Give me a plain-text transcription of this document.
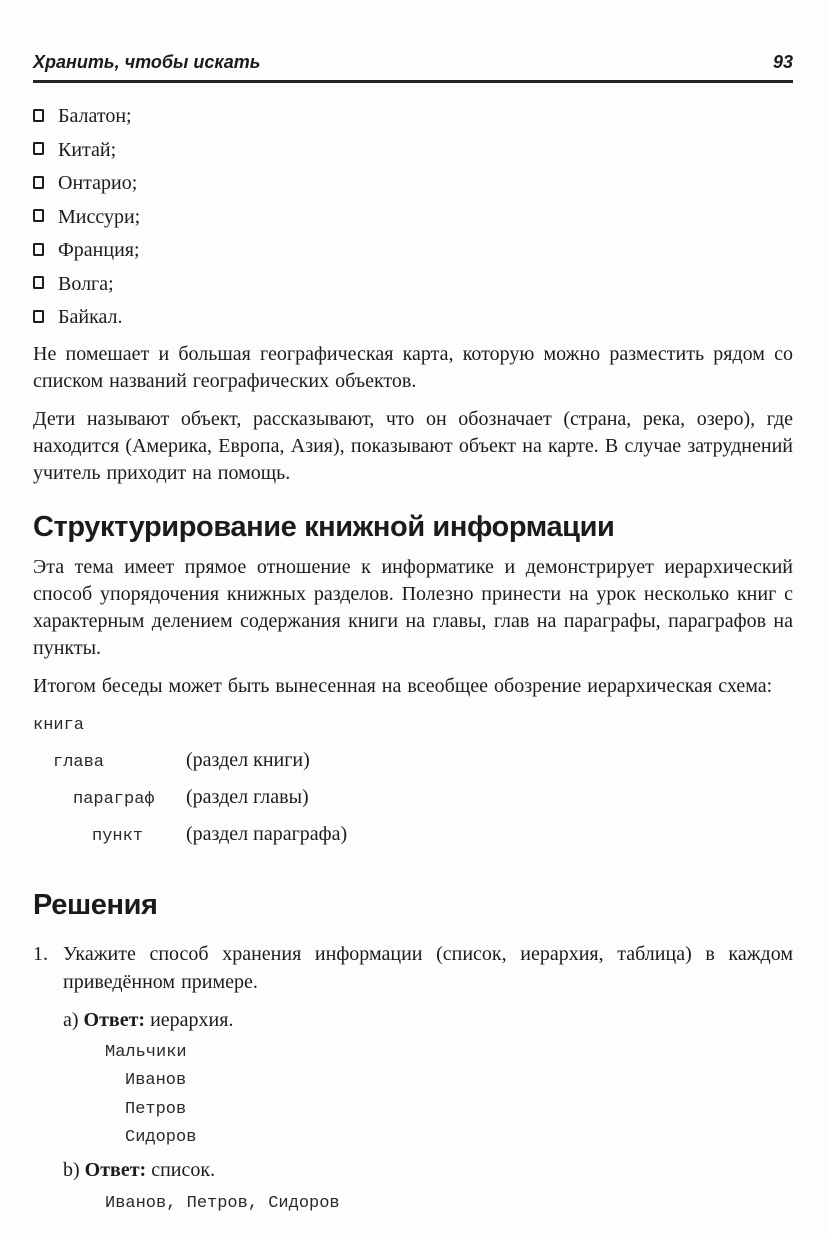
Хранить, чтобы искать	93
Балатон;
Китай;
Онтарио;
Миссури;
Франция;
Волга;
Байкал.

Не помешает и большая географическая карта, которую можно разместить рядом со списком названий географических объектов.

Дети называют объект, рассказывают, что он обозначает (страна, река, озеро), где находится (Америка, Европа, Азия), показывают объект на карте. В случае затруднений учитель приходит на помощь.

Структурирование книжной информации

Эта тема имеет прямое отношение к информатике и демонстрирует иерархический способ упорядочения книжных разделов. Полезно принести на урок несколько книг с характерным делением содержания книги на главы, глав на параграфы, параграфов на пункты.

Итогом беседы может быть вынесенная на всеобщее обозрение иерархическая схема:

книга
глава	(раздел книги)
параграф	(раздел главы)
пункт	(раздел параграфа)
Решения
1. Укажите способ хранения информации (список, иерархия, таблица) в каждом приведённом примере.
a) Ответ: иерархия.
Мальчики
Иванов
Петров
Сидоров
b) Ответ: список.
Иванов, Петров, Сидоров
